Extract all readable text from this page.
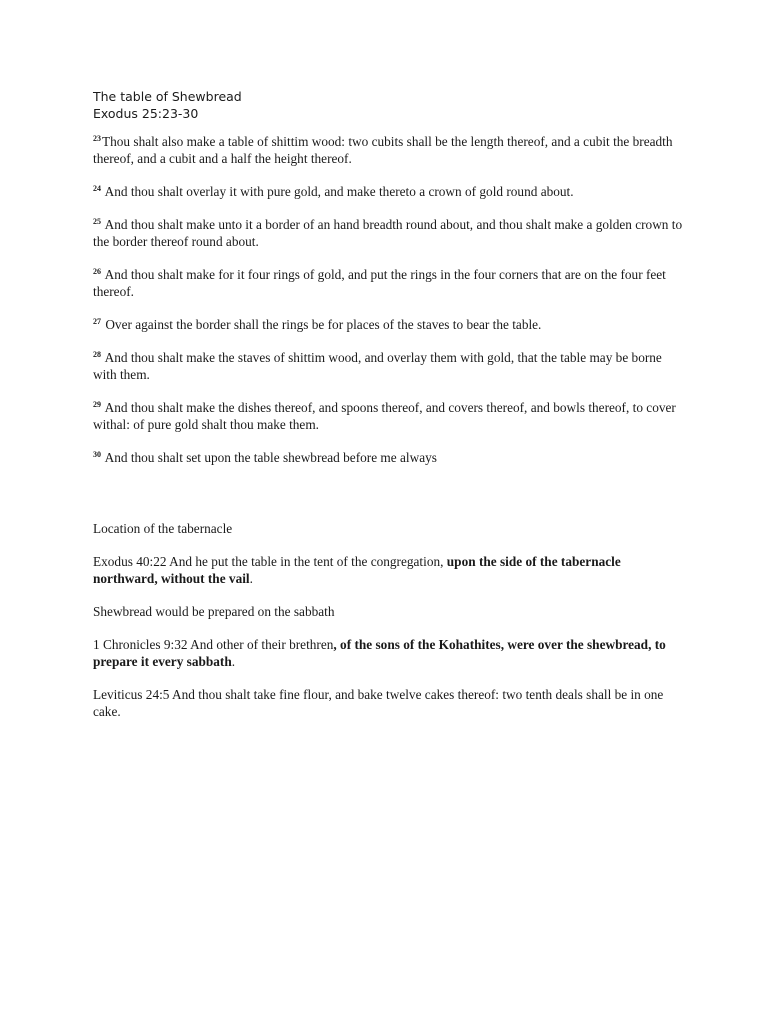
The table of Shewbread

Exodus 25:23-30

$^{23}$Thou shalt also make a table of shittim wood: two cubits shall be the length thereof, and a cubit the breadth thereof, and a cubit and a half the height thereof.

$^{24}$ And thou shalt overlay it with pure gold, and make thereto a crown of gold round about.

$^{25}$ And thou shalt make unto it a border of an hand breadth round about, and thou shalt make a golden crown to the border thereof round about.

$^{26}$ And thou shalt make for it four rings of gold, and put the rings in the four corners that are on the four feet thereof.

$^{27}$ Over against the border shall the rings be for places of the staves to bear the table.

$^{28}$ And thou shalt make the staves of shittim wood, and overlay them with gold, that the table may be borne with them.

$^{29}$ And thou shalt make the dishes thereof, and spoons thereof, and covers thereof, and bowls thereof, to cover withal: of pure gold shalt thou make them.

$^{30}$ And thou shalt set upon the table shewbread before me always

Location of the tabernacle

Exodus 40:22 And he put the table in the tent of the congregation, upon the side of the tabernacle northward, without the vail.

Shewbread would be prepared on the sabbath

1 Chronicles 9:32 And other of their brethren, of the sons of the Kohathites, were over the shewbread, to prepare it every sabbath.

Leviticus 24:5 And thou shalt take fine flour, and bake twelve cakes thereof: two tenth deals shall be in one cake.
